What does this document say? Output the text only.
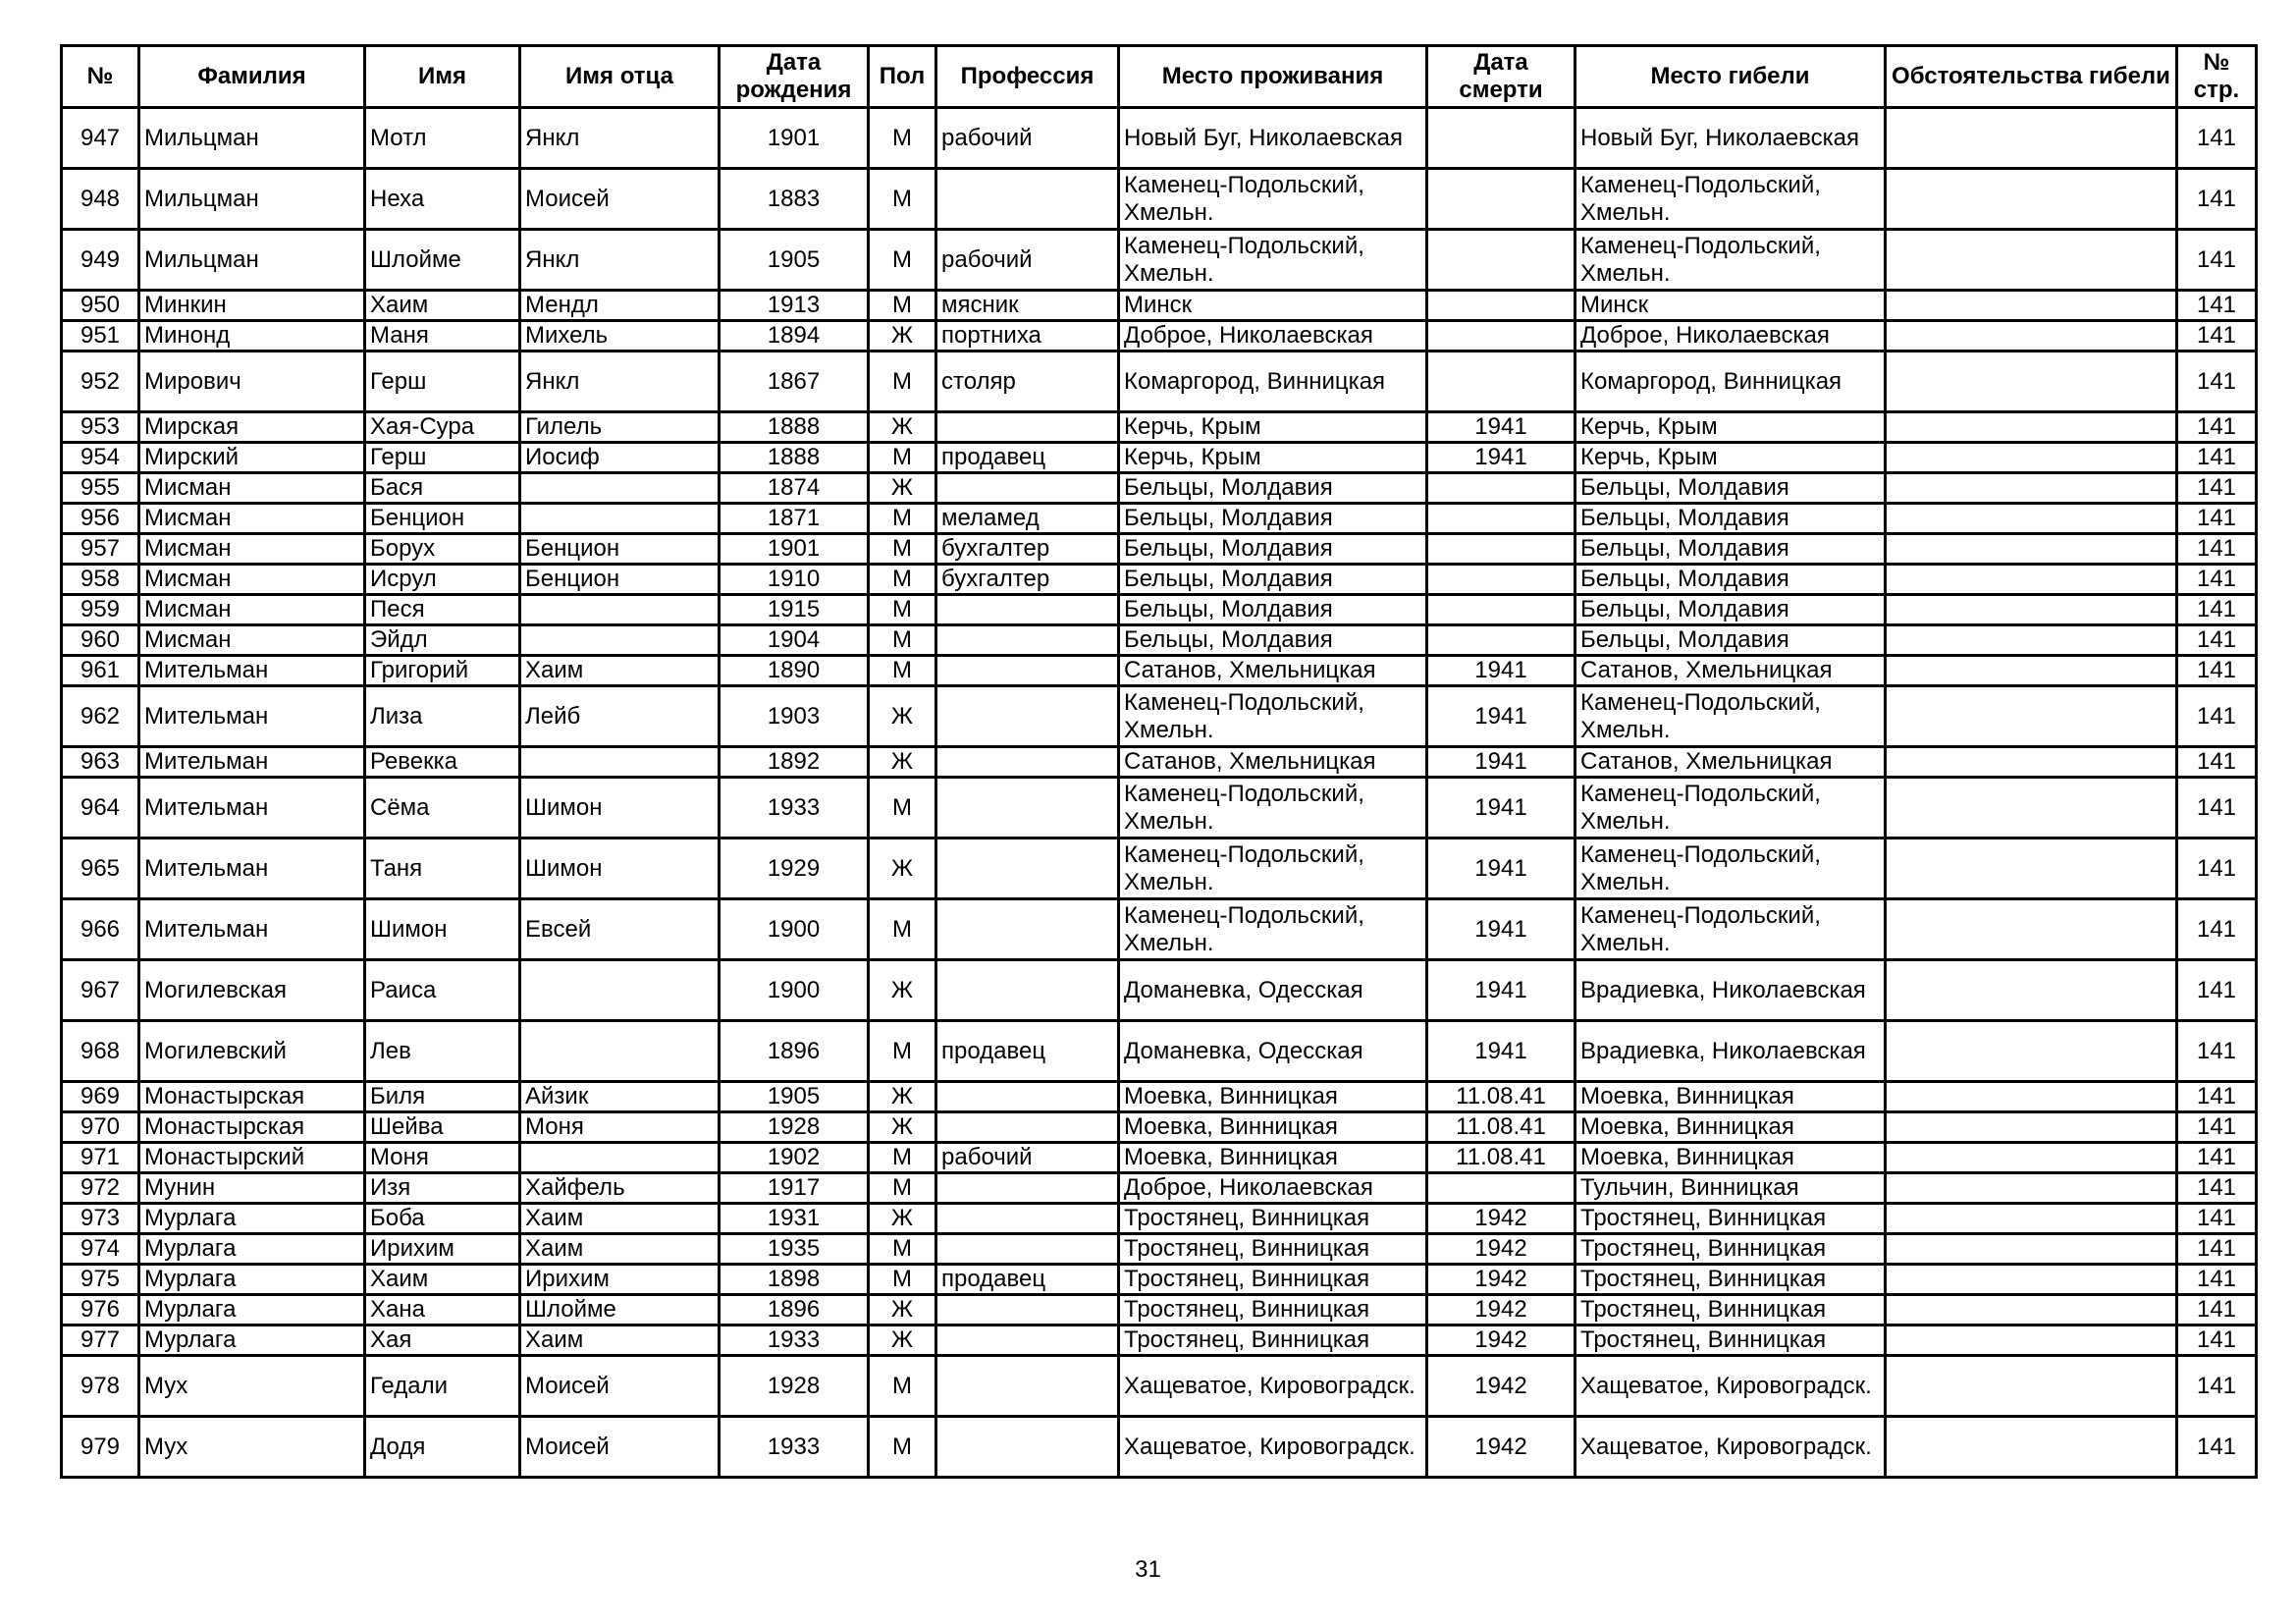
№	Фамилия	Имя	Имя отца	Дата рождения	Пол	Профессия	Место проживания	Дата смерти	Место гибели	Обстоятельства гибели	№ стр.
947	Мильцман	Мотл	Янкл	1901	М	рабочий	Новый Буг, Николаевская		Новый Буг, Николаевская		141
948	Мильцман	Неха	Моисей	1883	М		Каменец-Подольский, Хмельн.		Каменец-Подольский, Хмельн.		141
949	Мильцман	Шлойме	Янкл	1905	М	рабочий	Каменец-Подольский, Хмельн.		Каменец-Подольский, Хмельн.		141
950	Минкин	Хаим	Мендл	1913	М	мясник	Минск		Минск		141
951	Минонд	Маня	Михель	1894	Ж	портниха	Доброе, Николаевская		Доброе, Николаевская		141
952	Мирович	Герш	Янкл	1867	М	столяр	Комаргород, Винницкая		Комаргород, Винницкая		141
953	Мирская	Хая-Сура	Гилель	1888	Ж		Керчь, Крым	1941	Керчь, Крым		141
954	Мирский	Герш	Иосиф	1888	М	продавец	Керчь, Крым	1941	Керчь, Крым		141
955	Мисман	Бася		1874	Ж		Бельцы, Молдавия		Бельцы, Молдавия		141
956	Мисман	Бенцион		1871	М	меламед	Бельцы, Молдавия		Бельцы, Молдавия		141
957	Мисман	Борух	Бенцион	1901	М	бухгалтер	Бельцы, Молдавия		Бельцы, Молдавия		141
958	Мисман	Исрул	Бенцион	1910	М	бухгалтер	Бельцы, Молдавия		Бельцы, Молдавия		141
959	Мисман	Песя		1915	М		Бельцы, Молдавия		Бельцы, Молдавия		141
960	Мисман	Эйдл		1904	М		Бельцы, Молдавия		Бельцы, Молдавия		141
961	Мительман	Григорий	Хаим	1890	М		Сатанов, Хмельницкая	1941	Сатанов, Хмельницкая		141
962	Мительман	Лиза	Лейб	1903	Ж		Каменец-Подольский, Хмельн.	1941	Каменец-Подольский, Хмельн.		141
963	Мительман	Ревекка		1892	Ж		Сатанов, Хмельницкая	1941	Сатанов, Хмельницкая		141
964	Мительман	Сёма	Шимон	1933	М		Каменец-Подольский, Хмельн.	1941	Каменец-Подольский, Хмельн.		141
965	Мительман	Таня	Шимон	1929	Ж		Каменец-Подольский, Хмельн.	1941	Каменец-Подольский, Хмельн.		141
966	Мительман	Шимон	Евсей	1900	М		Каменец-Подольский, Хмельн.	1941	Каменец-Подольский, Хмельн.		141
967	Могилевская	Раиса		1900	Ж		Доманевка, Одесская	1941	Врадиевка, Николаевская		141
968	Могилевский	Лев		1896	М	продавец	Доманевка, Одесская	1941	Врадиевка, Николаевская		141
969	Монастырская	Биля	Айзик	1905	Ж		Моевка, Винницкая	11.08.41	Моевка, Винницкая		141
970	Монастырская	Шейва	Моня	1928	Ж		Моевка, Винницкая	11.08.41	Моевка, Винницкая		141
971	Монастырский	Моня		1902	М	рабочий	Моевка, Винницкая	11.08.41	Моевка, Винницкая		141
972	Мунин	Изя	Хайфель	1917	М		Доброе, Николаевская		Тульчин, Винницкая		141
973	Мурлага	Боба	Хаим	1931	Ж		Тростянец, Винницкая	1942	Тростянец, Винницкая		141
974	Мурлага	Ирихим	Хаим	1935	М		Тростянец, Винницкая	1942	Тростянец, Винницкая		141
975	Мурлага	Хаим	Ирихим	1898	М	продавец	Тростянец, Винницкая	1942	Тростянец, Винницкая		141
976	Мурлага	Хана	Шлойме	1896	Ж		Тростянец, Винницкая	1942	Тростянец, Винницкая		141
977	Мурлага	Хая	Хаим	1933	Ж		Тростянец, Винницкая	1942	Тростянец, Винницкая		141
978	Мух	Гедали	Моисей	1928	М		Хащеватое, Кировоградск.	1942	Хащеватое, Кировоградск.		141
979	Мух	Додя	Моисей	1933	М		Хащеватое, Кировоградск.	1942	Хащеватое, Кировоградск.		141
31
